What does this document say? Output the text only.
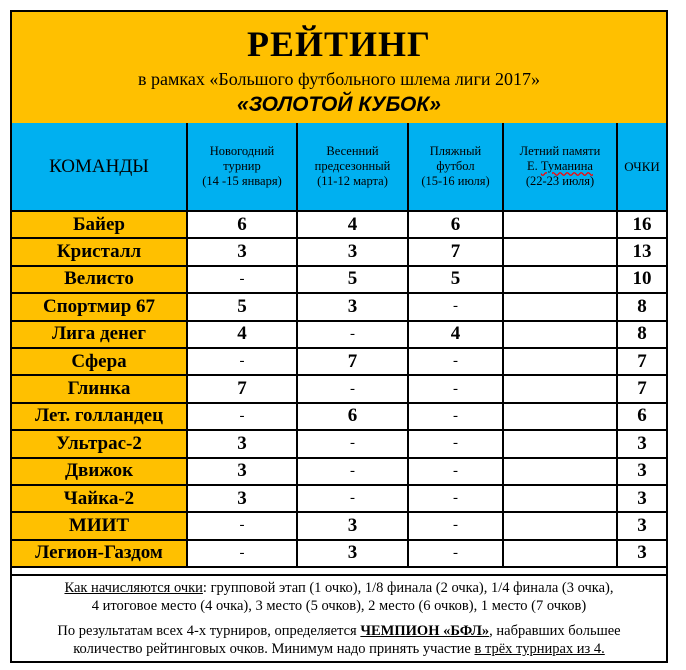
РЕЙТИНГ
в рамках «Большого футбольного шлема лиги 2017»
«ЗОЛОТОЙ КУБОК»
КОМАНДЫ	Новогодний
турнир
(14 -15 января)	Весенний
предсезонный
(11-12 марта)	Пляжный
футбол
(15-16 июля)	Летний памяти
Е. Туманина
(22-23 июля)	ОЧКИ
Байер	6	4	6		16
Кристалл	3	3	7		13
Велисто	-	5	5		10
Спортмир 67	5	3	-		8
Лига денег	4	-	4		8
Сфера	-	7	-		7
Глинка	7	-	-		7
Лет. голландец	-	6	-		6
Ультрас-2	3	-	-		3
Движок	3	-	-		3
Чайка-2	3	-	-		3
МИИТ	-	3	-		3
Легион-Газдом	-	3	-		3
Как начисляются очки: групповой этап (1 очко), 1/8 финала (2 очка), 1/4 финала (3 очка),
4 итоговое место (4 очка), 3 место (5 очков), 2 место (6 очков), 1 место (7 очков)
По результатам всех 4-х турниров, определяется ЧЕМПИОН «БФЛ», набравших большее
количество рейтинговых очков. Минимум надо принять участие в трёх турнирах из 4.
